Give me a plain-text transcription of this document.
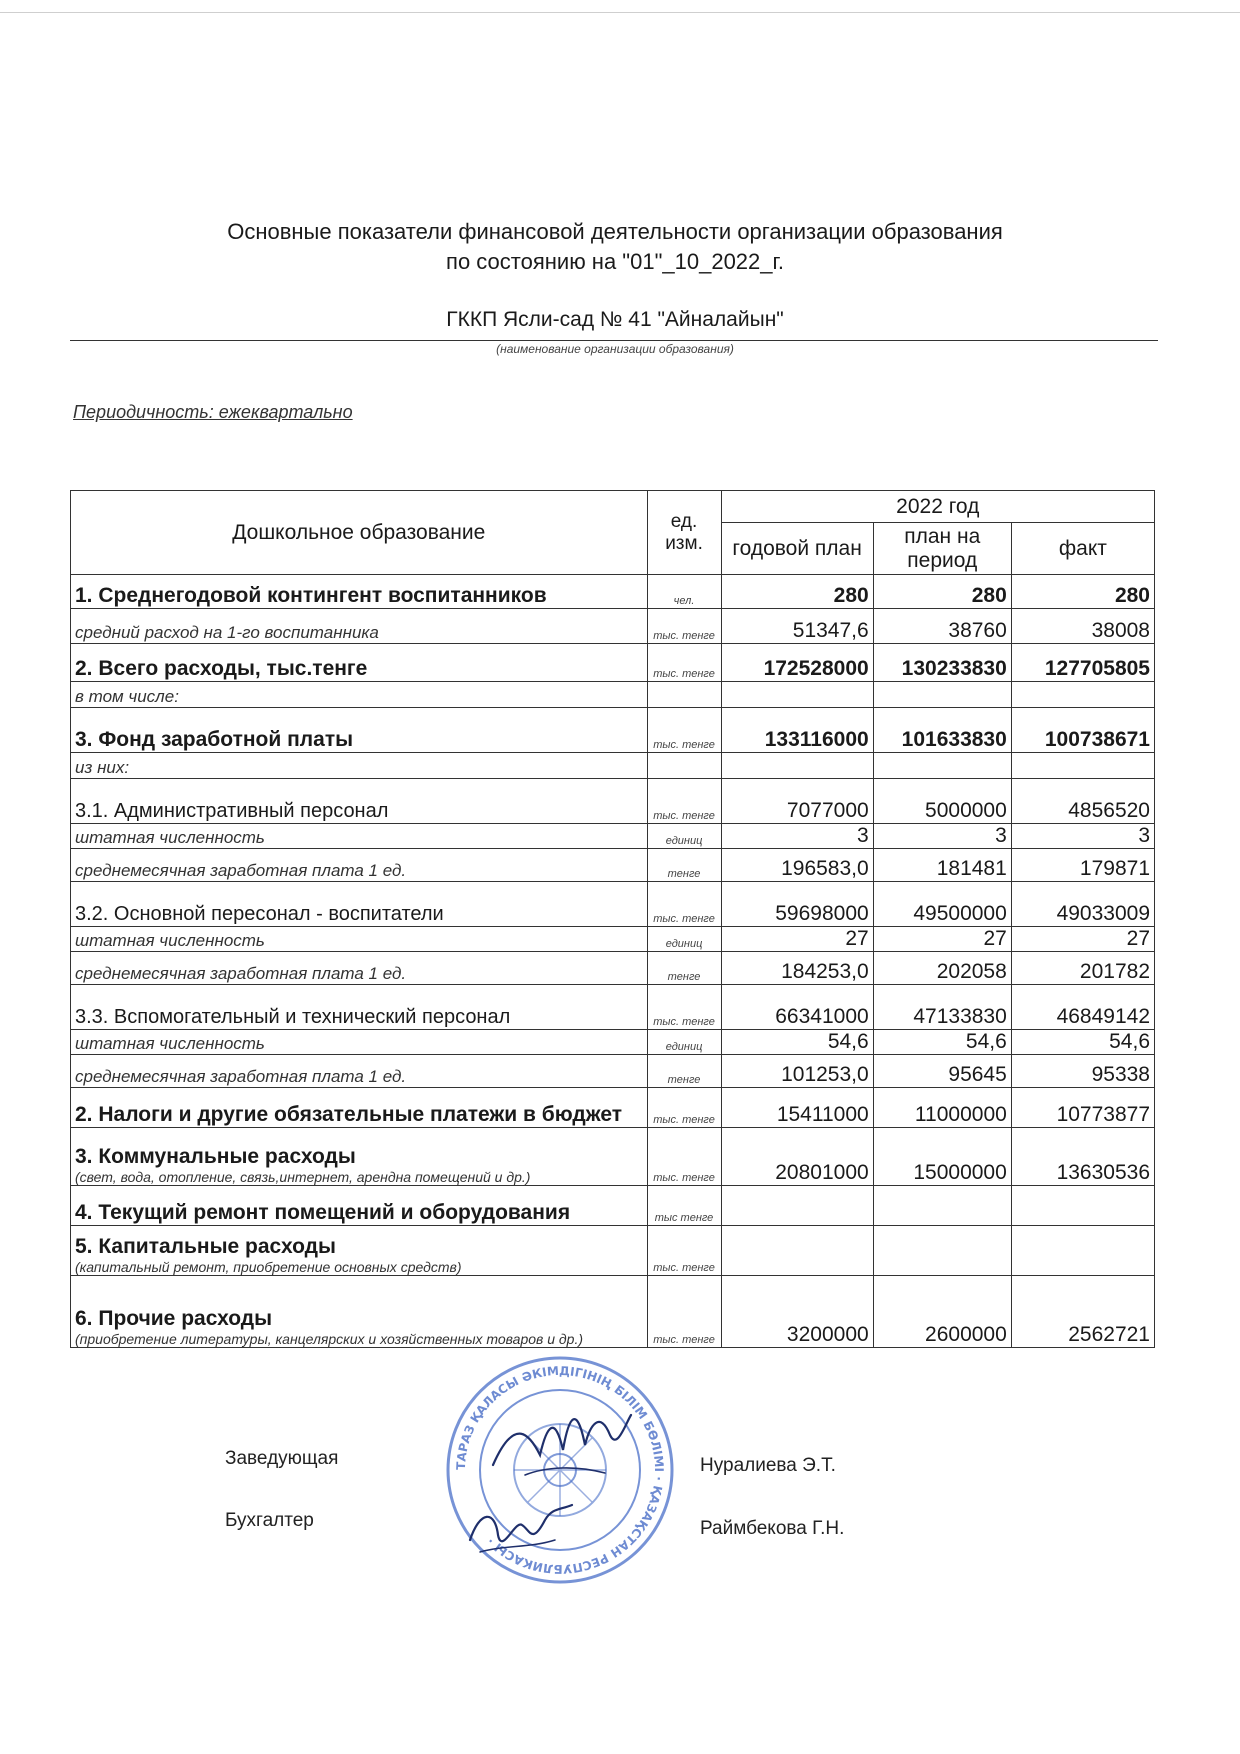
Основные показатели финансовой деятельности организации образования
по состоянию на "01"_10_2022_г.
ГККП Ясли-сад № 41 "Айналайын"
(наименование организации образования)
Периодичность: ежеквартально
Дошкольное образование	ед. изм.	2022 год		
		годовой план	план на период	факт
1. Среднегодовой контингент воспитанников	чел.	280	280	280
средний расход на 1-го воспитанника	тыс. тенге	51347,6	38760	38008
2. Всего расходы, тыс.тенге	тыс. тенге	172528000	130233830	127705805
в том числе:				
3. Фонд заработной платы	тыс. тенге	133116000	101633830	100738671
из них:				
3.1. Административный персонал	тыс. тенге	7077000	5000000	4856520
штатная численность	единиц	3	3	3
среднемесячная заработная плата 1 ед.	тенге	196583,0	181481	179871
3.2. Основной пересонал - воспитатели	тыс. тенге	59698000	49500000	49033009
штатная численность	единиц	27	27	27
среднемесячная заработная плата 1 ед.	тенге	184253,0	202058	201782
3.3. Вспомогательный и технический персонал	тыс. тенге	66341000	47133830	46849142
штатная численность	единиц	54,6	54,6	54,6
среднемесячная заработная плата 1 ед.	тенге	101253,0	95645	95338
2. Налоги и другие обязательные платежи в бюджет	тыс. тенге	15411000	11000000	10773877
3. Коммунальные расходы
(свет, вода, отопление, связь,интернет, арендна помещений и др.)	тыс. тенге	20801000	15000000	13630536
4. Текущий ремонт помещений и оборудования	тыс тенге			
5. Капитальные расходы
(капитальный ремонт, приобретение основных средств)	тыс. тенге			
6. Прочие расходы
(приобретение литературы, канцелярских и хозяйственных товаров и др.)	тыс. тенге	3200000	2600000	2562721
Заведующая
Бухгалтер
Нуралиева Э.Т.
Раймбекова Г.Н.
ТАРАЗ ҚАЛАСЫ ӘКІМДІГІНІҢ БІЛІМ БӨЛІМІ · ҚАЗАҚСТАН РЕСПУБЛИКАСЫ ·
